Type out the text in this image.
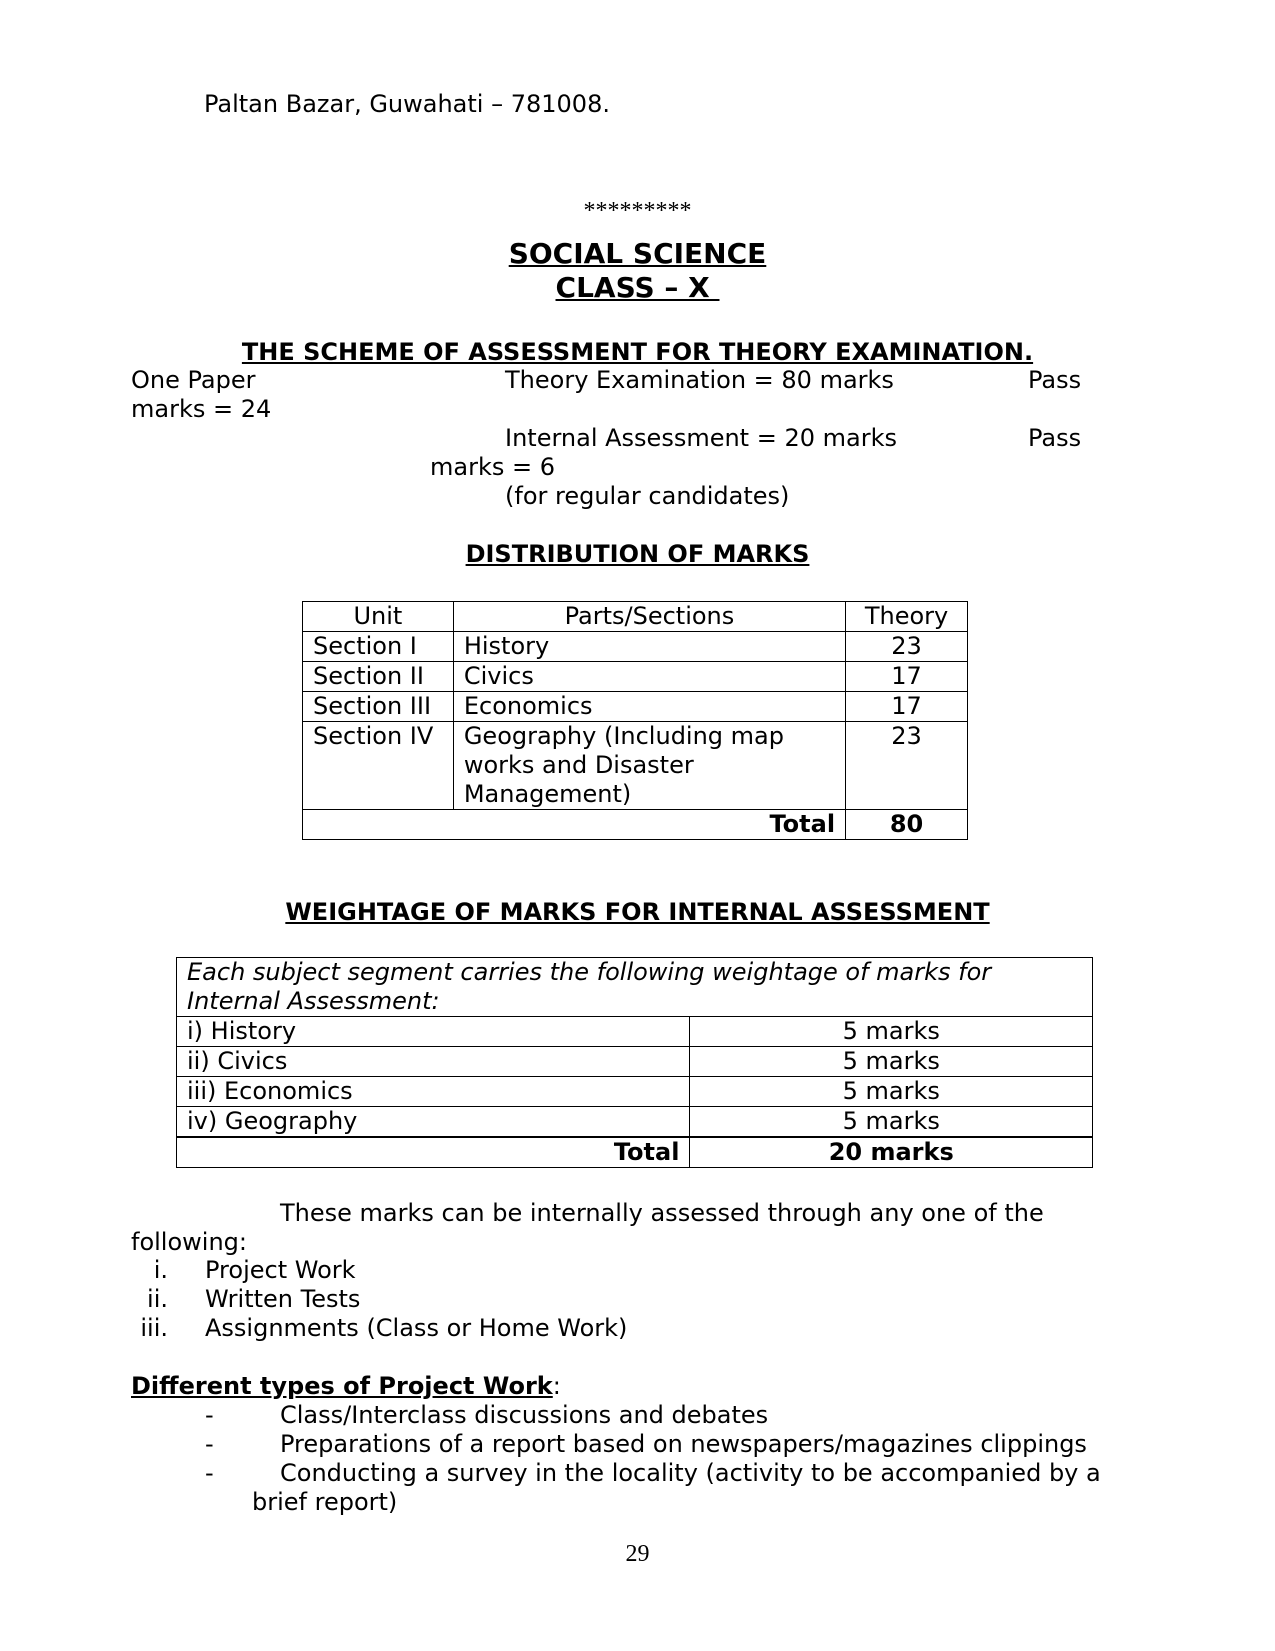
Paltan Bazar, Guwahati – 781008.
*********
SOCIAL SCIENCE
CLASS – X
THE SCHEME OF ASSESSMENT FOR THEORY EXAMINATION.
One Paper	Theory Examination = 80 marks	Pass
marks = 24
Internal Assessment = 20 marks	Pass
marks = 6
(for regular candidates)
DISTRIBUTION OF MARKS
Unit	Parts/Sections	Theory
Section I	History	23
Section II	Civics	17
Section III	Economics	17
Section IV	Geography (Including map works and Disaster Management)	23
Total		80
WEIGHTAGE OF MARKS FOR INTERNAL ASSESSMENT
Each subject segment carries the following weightage of marks for Internal Assessment:	
i) History	5 marks
ii) Civics	5 marks
iii) Economics	5 marks
iv) Geography	5 marks
Total	20 marks
These marks can be internally assessed through any one of the
following:
i. Project Work
ii. Written Tests
iii. Assignments (Class or Home Work)
Different types of Project Work:
-	Class/Interclass discussions and debates
-	Preparations of a report based on newspapers/magazines clippings
-	Conducting a survey in the locality (activity to be accompanied by a
brief report)
29
